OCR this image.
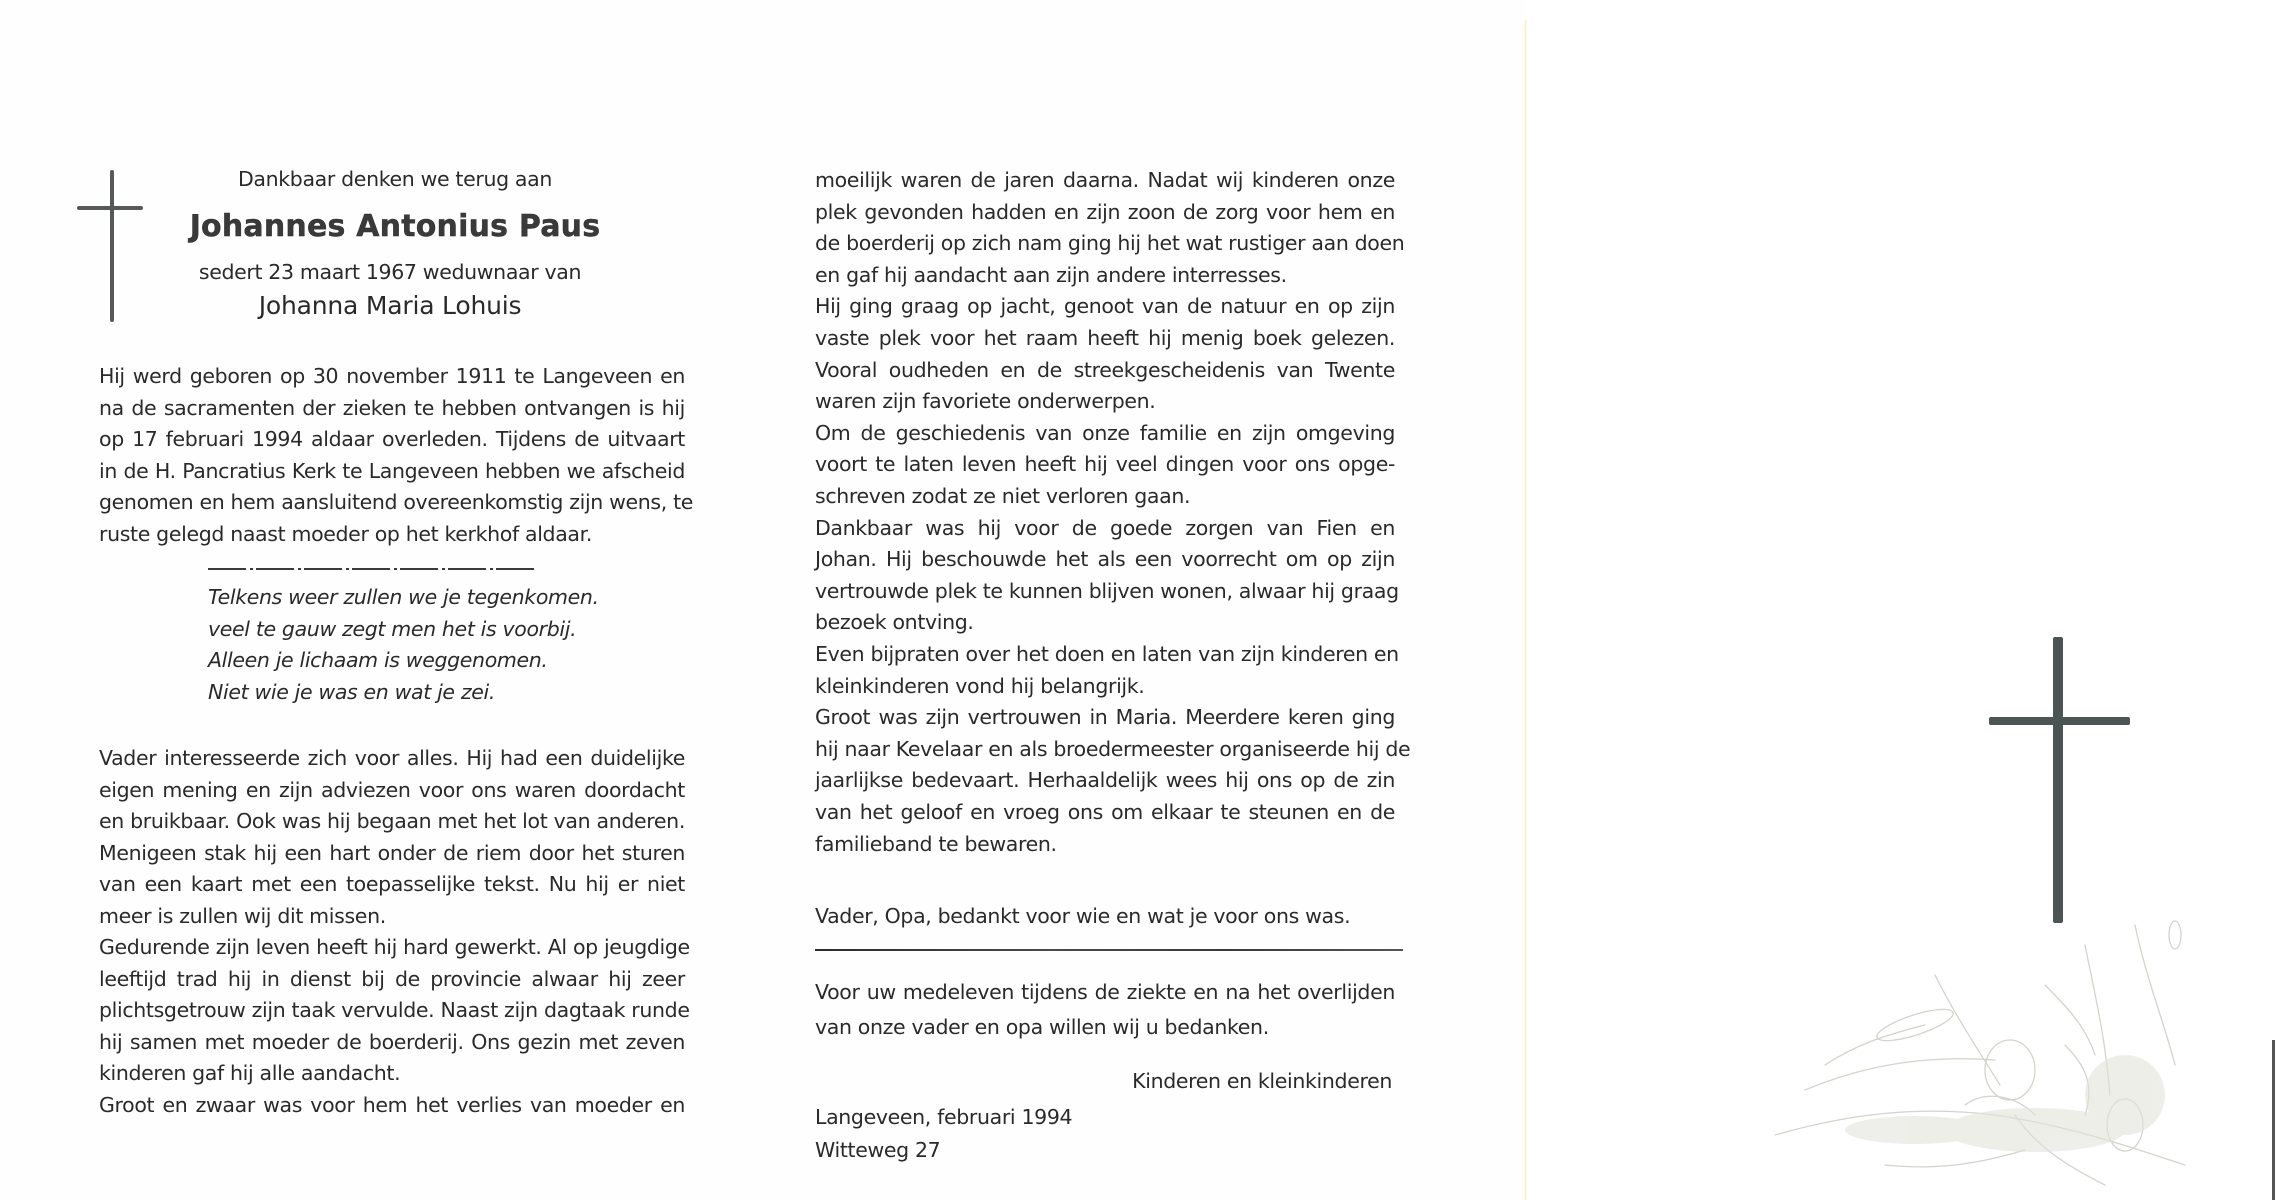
Dankbaar denken we terug aan
Johannes Antonius Paus
sedert 23 maart 1967 weduwnaar van
Johanna Maria Lohuis
Hij werd geboren op 30 november 1911 te Langeveen en
na de sacramenten der zieken te hebben ontvangen is hij
op 17 februari 1994 aldaar overleden. Tijdens de uitvaart
in de H. Pancratius Kerk te Langeveen hebben we afscheid
genomen en hem aansluitend overeenkomstig zijn wens, te
ruste gelegd naast moeder op het kerkhof aldaar.
Telkens weer zullen we je tegenkomen.
veel te gauw zegt men het is voorbij.
Alleen je lichaam is weggenomen.
Niet wie je was en wat je zei.
Vader interesseerde zich voor alles. Hij had een duidelijke
eigen mening en zijn adviezen voor ons waren doordacht
en bruikbaar. Ook was hij begaan met het lot van anderen.
Menigeen stak hij een hart onder de riem door het sturen
van een kaart met een toepasselijke tekst. Nu hij er niet
meer is zullen wij dit missen.
Gedurende zijn leven heeft hij hard gewerkt. Al op jeugdige
leeftijd trad hij in dienst bij de provincie alwaar hij zeer
plichtsgetrouw zijn taak vervulde. Naast zijn dagtaak runde
hij samen met moeder de boerderij. Ons gezin met zeven
kinderen gaf hij alle aandacht.
Groot en zwaar was voor hem het verlies van moeder en
moeilijk waren de jaren daarna. Nadat wij kinderen onze
plek gevonden hadden en zijn zoon de zorg voor hem en
de boerderij op zich nam ging hij het wat rustiger aan doen
en gaf hij aandacht aan zijn andere interresses.
Hij ging graag op jacht, genoot van de natuur en op zijn
vaste plek voor het raam heeft hij menig boek gelezen.
Vooral oudheden en de streekgescheidenis van Twente
waren zijn favoriete onderwerpen.
Om de geschiedenis van onze familie en zijn omgeving
voort te laten leven heeft hij veel dingen voor ons opge-
schreven zodat ze niet verloren gaan.
Dankbaar was hij voor de goede zorgen van Fien en
Johan. Hij beschouwde het als een voorrecht om op zijn
vertrouwde plek te kunnen blijven wonen, alwaar hij graag
bezoek ontving.
Even bijpraten over het doen en laten van zijn kinderen en
kleinkinderen vond hij belangrijk.
Groot was zijn vertrouwen in Maria. Meerdere keren ging
hij naar Kevelaar en als broedermeester organiseerde hij de
jaarlijkse bedevaart. Herhaaldelijk wees hij ons op de zin
van het geloof en vroeg ons om elkaar te steunen en de
familieband te bewaren.
Vader, Opa, bedankt voor wie en wat je voor ons was.
Voor uw medeleven tijdens de ziekte en na het overlijden
van onze vader en opa willen wij u bedanken.
Kinderen en kleinkinderen
Langeveen, februari 1994
Witteweg 27
